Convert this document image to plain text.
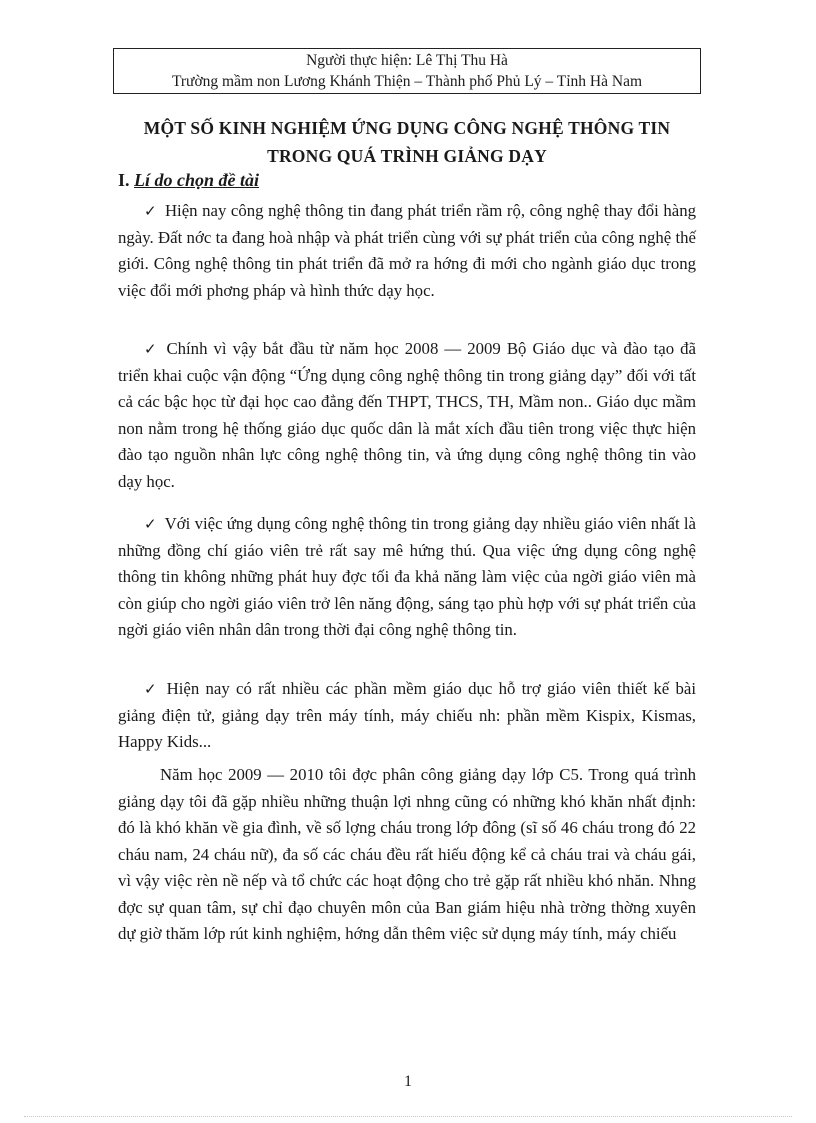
Người thực hiện: Lê Thị Thu Hà
Trường mầm non Lương Khánh Thiện – Thành phố Phủ Lý – Tỉnh Hà Nam
MỘT SỐ KINH NGHIỆM ỨNG DỤNG CÔNG NGHỆ THÔNG TIN
TRONG QUÁ TRÌNH GIẢNG DẠY
I. Lí do chọn đề tài

✓ Hiện nay công nghệ thông tin đang phát triển rầm rộ, công nghệ thay đổi hàng ngày. Đất nớc ta đang hoà nhập và phát triển cùng với sự phát triển của công nghệ thế giới. Công nghệ thông tin phát triển đã mở ra hớng đi mới cho ngành giáo dục trong việc đổi mới phơng pháp và hình thức dạy học.

✓ Chính vì vậy bắt đầu từ năm học 2008 — 2009 Bộ Giáo dục và đào tạo đã triển khai cuộc vận động “Ứng dụng công nghệ thông tin trong giảng dạy” đối với tất cả các bậc học từ đại học cao đẳng đến THPT, THCS, TH, Mầm non.. Giáo dục mầm non nằm trong hệ thống giáo dục quốc dân là mắt xích đầu tiên trong việc thực hiện đào tạo nguồn nhân lực công nghệ thông tin, và ứng dụng công nghệ thông tin vào dạy học.

✓ Với việc ứng dụng công nghệ thông tin trong giảng dạy nhiều giáo viên nhất là những đồng chí giáo viên trẻ rất say mê hứng thú. Qua việc ứng dụng công nghệ thông tin không những phát huy đợc tối đa khả năng làm việc của ngời giáo viên mà còn giúp cho ngời giáo viên trở lên năng động, sáng tạo phù hợp với sự phát triển của ngời giáo viên nhân dân trong thời đại công nghệ thông tin.

✓ Hiện nay có rất nhiều các phần mềm giáo dục hỗ trợ giáo viên thiết kế bài giảng điện tử, giảng dạy trên máy tính, máy chiếu nh: phần mềm Kispix, Kismas, Happy Kids...

Năm học 2009 — 2010 tôi đợc phân công giảng dạy lớp C5. Trong quá trình giảng dạy tôi đã gặp nhiều những thuận lợi nhng cũng có những khó khăn nhất định: đó là khó khăn về gia đình, về số lợng cháu trong lớp đông (sĩ số 46 cháu trong đó 22 cháu nam, 24 cháu nữ), đa số các cháu đều rất hiếu động kể cả cháu trai và cháu gái, vì vậy việc rèn nề nếp và tổ chức các hoạt động cho trẻ gặp rất nhiều khó nhăn. Nhng đợc sự quan tâm, sự chỉ đạo chuyên môn của Ban giám hiệu nhà trờng thờng xuyên dự giờ thăm lớp rút kinh nghiệm, hớng dẫn thêm việc sử dụng máy tính, máy chiếu

1
